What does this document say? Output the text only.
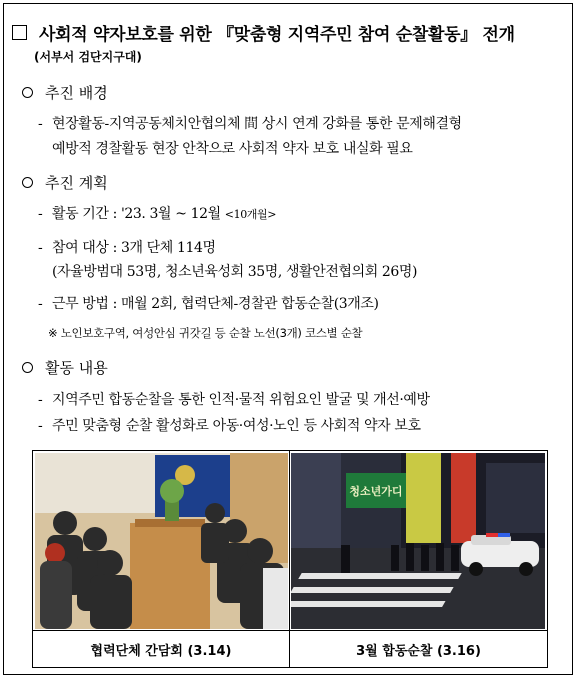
사회적 약자보호를 위한 『맞춤형 지역주민 참여 순찰활동』 전개
(서부서 검단지구대)
추진 배경
- 현장활동-지역공동체치안협의체 間 상시 연계 강화를 통한 문제해결형
예방적 경찰활동 현장 안착으로 사회적 약자 보호 내실화 필요
추진 계획
- 활동 기간 : '23. 3월 ~ 12월 <10개월>
- 참여 대상 : 3개 단체 114명
(자율방범대 53명, 청소년육성회 35명, 생활안전협의회 26명)
- 근무 방법 : 매월 2회, 협력단체-경찰관 합동순찰(3개조)
※ 노인보호구역, 여성안심 귀갓길 등 순찰 노선(3개) 코스별 순찰
활동 내용
- 지역주민 합동순찰을 통한 인적·물적 위험요인 발굴 및 개선·예방
- 주민 맞춤형 순찰 활성화로 아동·여성·노인 등 사회적 약자 보호
청소년가디
협력단체 간담회 (3.14)	3월 합동순찰 (3.16)
